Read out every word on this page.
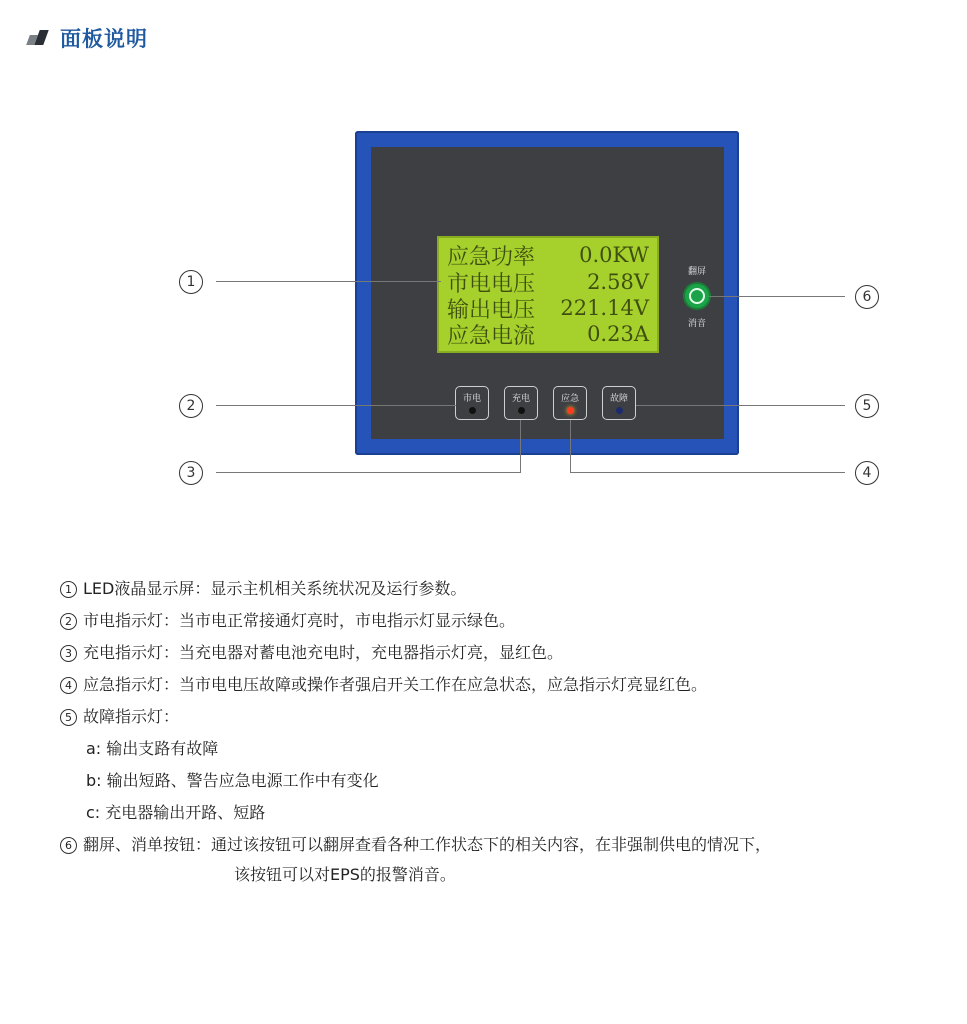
面板说明
应急功率 0.0KW
市电电压 2.58V
输出电压 221.14V
应急电流 0.23A
翻屏
消音
市电	充电	应急	故障
1
2
3	4
5
6
1 LED液晶显示屏：显示主机相关系统状况及运行参数。
2 市电指示灯：当市电正常接通灯亮时，市电指示灯显示绿色。
3 充电指示灯：当充电器对蓄电池充电时，充电器指示灯亮，显红色。
4 应急指示灯：当市电电压故障或操作者强启开关工作在应急状态，应急指示灯亮显红色。
5 故障指示灯：
a: 输出支路有故障
b: 输出短路、警告应急电源工作中有变化
c: 充电器输出开路、短路
6 翻屏、消单按钮：通过该按钮可以翻屏查看各种工作状态下的相关内容，在非强制供电的情况下，
该按钮可以对EPS的报警消音。
